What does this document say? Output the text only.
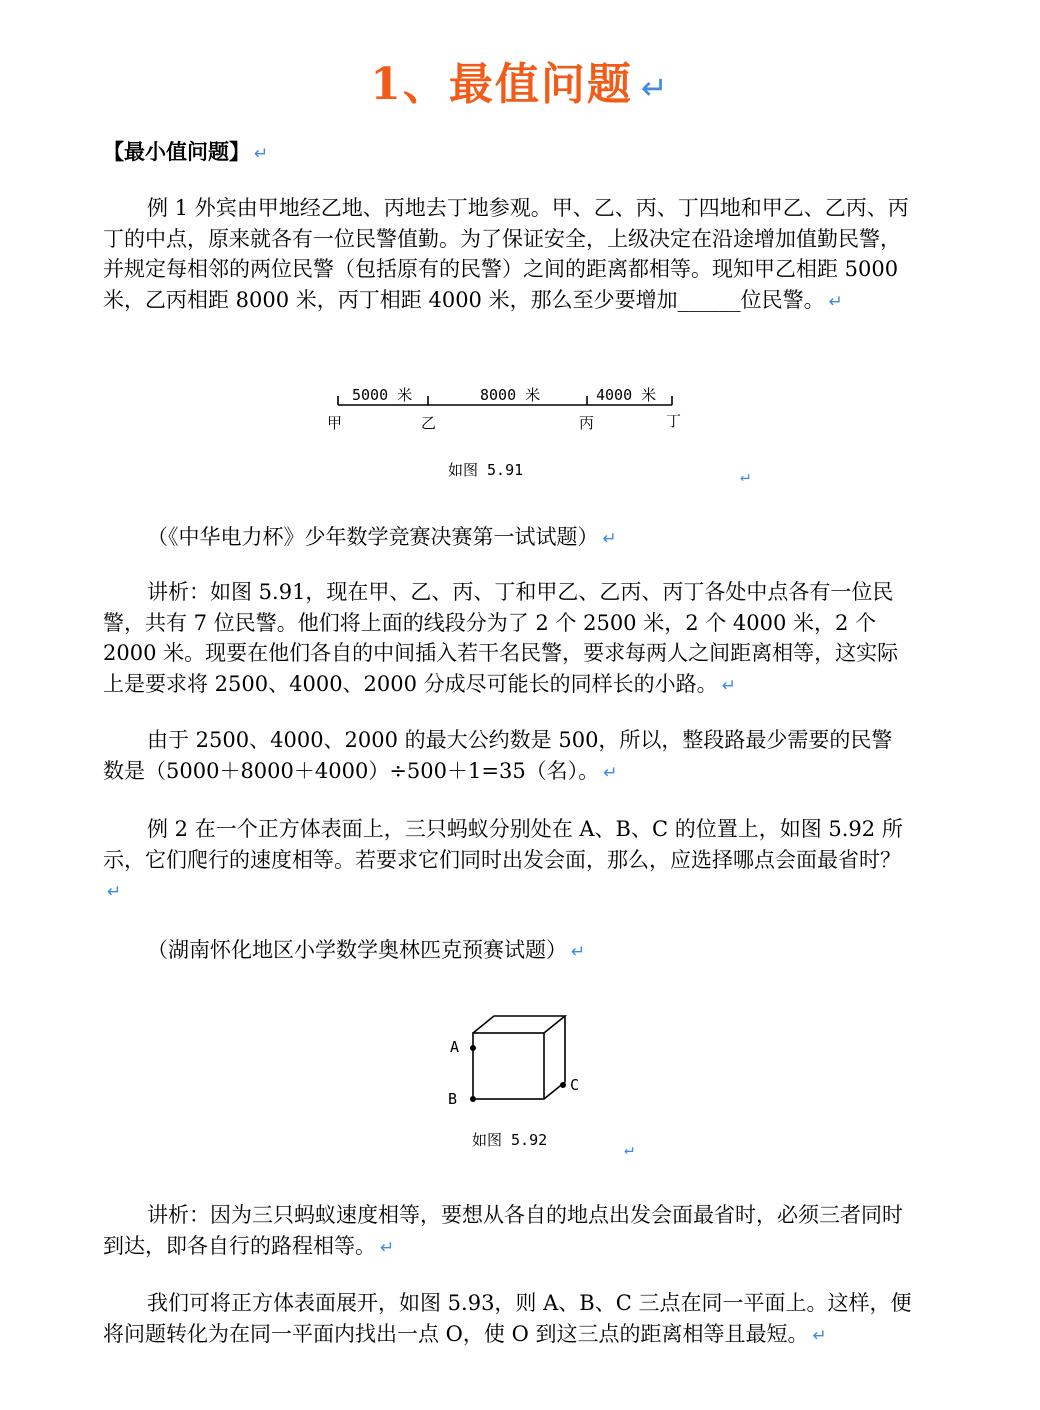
1、最值问题 ↵
【最小值问题】 ↵

例 1 外宾由甲地经乙地、丙地去丁地参观。甲、乙、丙、丁四地和甲乙、乙丙、丙丁的中点，原来就各有一位民警值勤。为了保证安全，上级决定在沿途增加值勤民警，并规定每相邻的两位民警（包括原有的民警）之间的距离都相等。现知甲乙相距 5000 米，乙丙相距 8000 米，丙丁相距 4000 米，那么至少要增加______位民警。 ↵

5000 米	8000 米	4000 米
甲	乙	丙	丁
如图 5.91	↵
（《中华电力杯》少年数学竞赛决赛第一试试题） ↵

讲析：如图 5.91，现在甲、乙、丙、丁和甲乙、乙丙、丙丁各处中点各有一位民警，共有 7 位民警。他们将上面的线段分为了 2 个 2500 米，2 个 4000 米，2 个 2000 米。现要在他们各自的中间插入若干名民警，要求每两人之间距离相等，这实际上是要求将 2500、4000、2000 分成尽可能长的同样长的小路。 ↵

由于 2500、4000、2000 的最大公约数是 500，所以，整段路最少需要的民警数是（5000＋8000＋4000）÷500＋1=35（名）。 ↵

例 2 在一个正方体表面上，三只蚂蚁分别处在 A、B、C 的位置上，如图 5.92 所示，它们爬行的速度相等。若要求它们同时出发会面，那么，应选择哪点会面最省时？↵

（湖南怀化地区小学数学奥林匹克预赛试题） ↵
A
B
C
如图 5.92	↵

讲析：因为三只蚂蚁速度相等，要想从各自的地点出发会面最省时，必须三者同时到达，即各自行的路程相等。 ↵

我们可将正方体表面展开，如图 5.93，则 A、B、C 三点在同一平面上。这样，便将问题转化为在同一平面内找出一点 O，使 O 到这三点的距离相等且最短。 ↵
